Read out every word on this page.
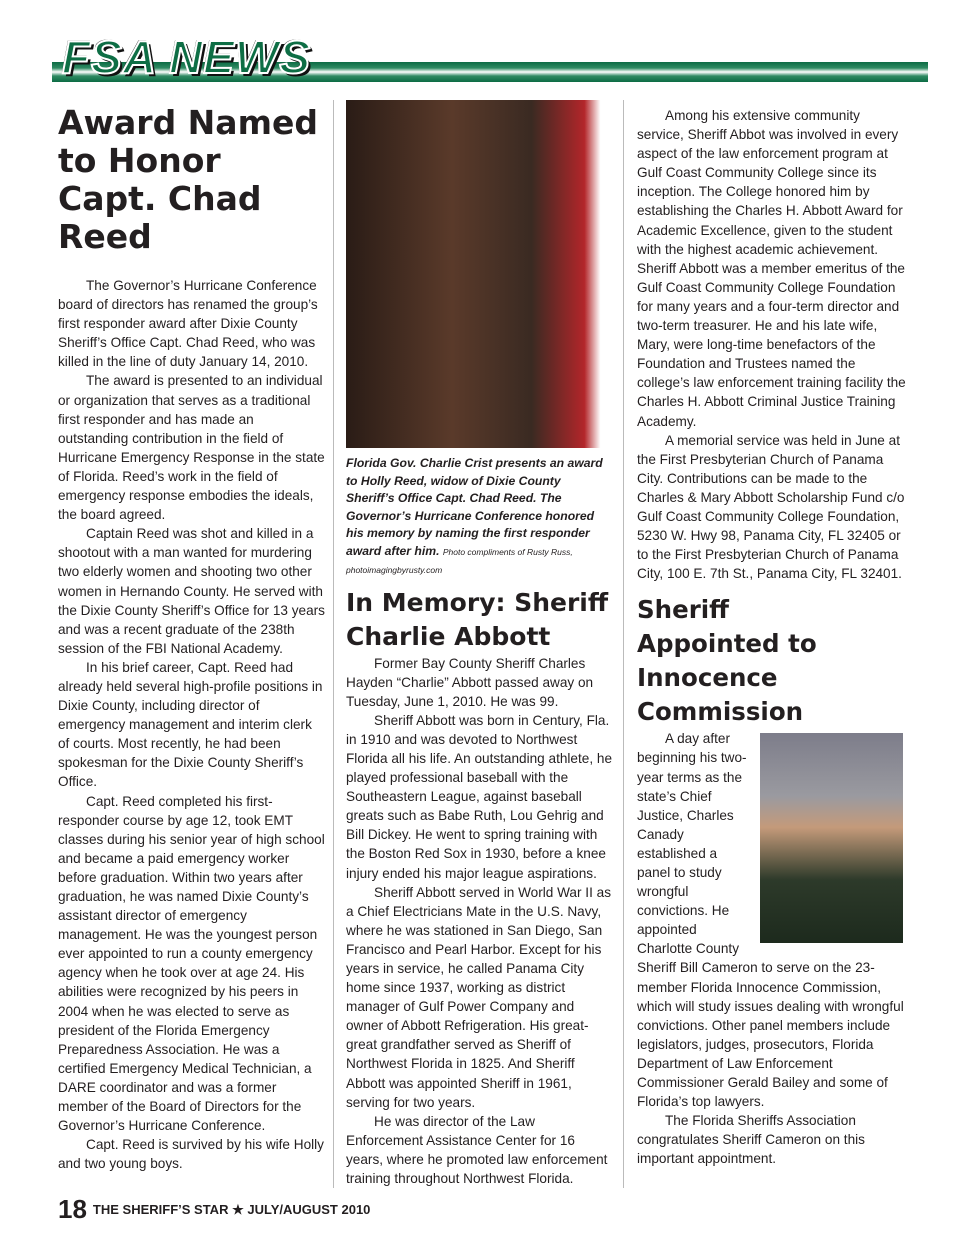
FSA NEWS
Award Named to Honor Capt. Chad Reed

The Governor’s Hurricane Conference board of directors has renamed the group’s first responder award after Dixie County Sheriff’s Office Capt. Chad Reed, who was killed in the line of duty January 14, 2010.

The award is presented to an individual or organization that serves as a traditional first responder and has made an outstanding contribution in the field of Hurricane Emergency Response in the state of Florida. Reed’s work in the field of emergency response embodies the ideals, the board agreed.

Captain Reed was shot and killed in a shootout with a man wanted for murdering two elderly women and shooting two other women in Hernando County. He served with the Dixie County Sheriff’s Office for 13 years and was a recent graduate of the 238th session of the FBI National Academy.

In his brief career, Capt. Reed had already held several high-profile positions in Dixie County, including director of emergency management and interim clerk of courts. Most recently, he had been spokesman for the Dixie County Sheriff’s Office.

Capt. Reed completed his first-responder course by age 12, took EMT classes during his senior year of high school and became a paid emergency worker before graduation. Within two years after graduation, he was named Dixie County’s assistant director of emergency management. He was the youngest person ever appointed to run a county emergency agency when he took over at age 24. His abilities were recognized by his peers in 2004 when he was elected to serve as president of the Florida Emergency Preparedness Association. He was a certified Emergency Medical Technician, a DARE coordinator and was a former member of the Board of Directors for the Governor’s Hurricane Conference.

Capt. Reed is survived by his wife Holly and two young boys.

Florida Gov. Charlie Crist presents an award to Holly Reed, widow of Dixie County Sheriff’s Office Capt. Chad Reed. The Governor’s Hurricane Conference honored his memory by naming the first responder award after him. Photo compliments of Rusty Russ, photoimagingbyrusty.com
In Memory: Sheriff Charlie Abbott

Former Bay County Sheriff Charles Hayden “Charlie” Abbott passed away on Tuesday, June 1, 2010. He was 99.

Sheriff Abbott was born in Century, Fla. in 1910 and was devoted to Northwest Florida all his life. An outstanding athlete, he played professional baseball with the Southeastern League, against baseball greats such as Babe Ruth, Lou Gehrig and Bill Dickey. He went to spring training with the Boston Red Sox in 1930, before a knee injury ended his major league aspirations.

Sheriff Abbott served in World War II as a Chief Electricians Mate in the U.S. Navy, where he was stationed in San Diego, San Francisco and Pearl Harbor. Except for his years in service, he called Panama City home since 1937, working as district manager of Gulf Power Company and owner of Abbott Refrigeration. His great-great grandfather served as Sheriff of Northwest Florida in 1825. And Sheriff Abbott was appointed Sheriff in 1961, serving for two years.

He was director of the Law Enforcement Assistance Center for 16 years, where he promoted law enforcement training throughout Northwest Florida.

Among his extensive community service, Sheriff Abbot was involved in every aspect of the law enforcement program at Gulf Coast Community College since its inception. The College honored him by establishing the Charles H. Abbott Award for Academic Excellence, given to the student with the highest academic achievement. Sheriff Abbott was a member emeritus of the Gulf Coast Community College Foundation for many years and a four-term director and two-term treasurer. He and his late wife, Mary, were long-time benefactors of the Foundation and Trustees named the college’s law enforcement training facility the Charles H. Abbott Criminal Justice Training Academy.

A memorial service was held in June at the First Presbyterian Church of Panama City. Contributions can be made to the Charles & Mary Abbott Scholarship Fund c/o Gulf Coast Community College Foundation, 5230 W. Hwy 98, Panama City, FL 32405 or to the First Presbyterian Church of Panama City, 100 E. 7th St., Panama City, FL 32401.

Sheriff Appointed to Innocence Commission

A day after beginning his two-year terms as the state’s Chief Justice, Charles Canady established a panel to study wrongful convictions. He appointed Charlotte County Sheriff Bill Cameron to serve on the 23-member Florida Innocence Commission, which will study issues dealing with wrongful convictions. Other panel members include legislators, judges, prosecutors, Florida Department of Law Enforcement Commissioner Gerald Bailey and some of Florida’s top lawyers.

The Florida Sheriffs Association congratulates Sheriff Cameron on this important appointment.

18 THE SHERIFF’S STAR ★ JULY/AUGUST 2010
